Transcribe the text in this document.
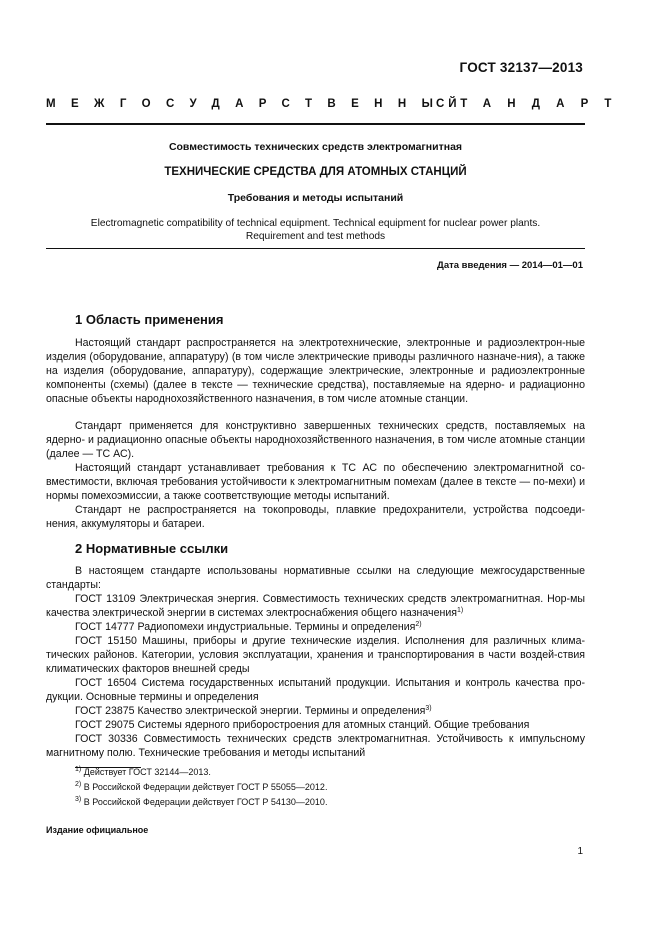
ГОСТ 32137—2013
МЕЖГОСУДАРСТВЕННЫЙ
СТАНДАРТ
Совместимость технических средств электромагнитная
ТЕХНИЧЕСКИЕ СРЕДСТВА ДЛЯ АТОМНЫХ СТАНЦИЙ
Требования и методы испытаний
Electromagnetic compatibility of technical equipment. Technical equipment for nuclear power plants.
Requirement and test methods
Дата введения — 2014—01—01
1 Область применения

Настоящий стандарт распространяется на электротехнические, электронные и радиоэлектрон-ные изделия (оборудование, аппаратуру) (в том числе электрические приводы различного назначе-ния), а также на изделия (оборудование, аппаратуру), содержащие электрические, электронные и радиоэлектронные компоненты (схемы) (далее в тексте — технические средства), поставляемые на ядерно- и радиационно опасные объекты народнохозяйственного назначения, в том числе атомные станции.

Стандарт применяется для конструктивно завершенных технических средств, поставляемых на ядерно- и радиационно опасные объекты народнохозяйственного назначения, в том числе атомные станции (далее — ТС АС).

Настоящий стандарт устанавливает требования к ТС АС по обеспечению электромагнитной со-вместимости, включая требования устойчивости к электромагнитным помехам (далее в тексте — по-мехи) и нормы помехоэмиссии, а также соответствующие методы испытаний.

Стандарт не распространяется на токопроводы, плавкие предохранители, устройства подсоеди-нения, аккумуляторы и батареи.

2 Нормативные ссылки

В настоящем стандарте использованы нормативные ссылки на следующие межгосударственные стандарты:

ГОСТ 13109 Электрическая энергия. Совместимость технических средств электромагнитная. Нор-мы качества электрической энергии в системах электроснабжения общего назначения$^{1)}$

ГОСТ 14777 Радиопомехи индустриальные. Термины и определения$^{2)}$

ГОСТ 15150 Машины, приборы и другие технические изделия. Исполнения для различных клима-тических районов. Категории, условия эксплуатации, хранения и транспортирования в части воздей-ствия климатических факторов внешней среды

ГОСТ 16504 Система государственных испытаний продукции. Испытания и контроль качества про-дукции. Основные термины и определения

ГОСТ 23875 Качество электрической энергии. Термины и определения$^{3)}$

ГОСТ 29075 Системы ядерного приборостроения для атомных станций. Общие требования

ГОСТ 30336 Совместимость технических средств электромагнитная. Устойчивость к импульсному магнитному полю. Технические требования и методы испытаний

$^{1)}$ Действует ГОСТ 32144—2013.
$^{2)}$ В Российской Федерации действует ГОСТ Р 55055—2012.
$^{3)}$ В Российской Федерации действует ГОСТ Р 54130—2010.
Издание официальное
1
